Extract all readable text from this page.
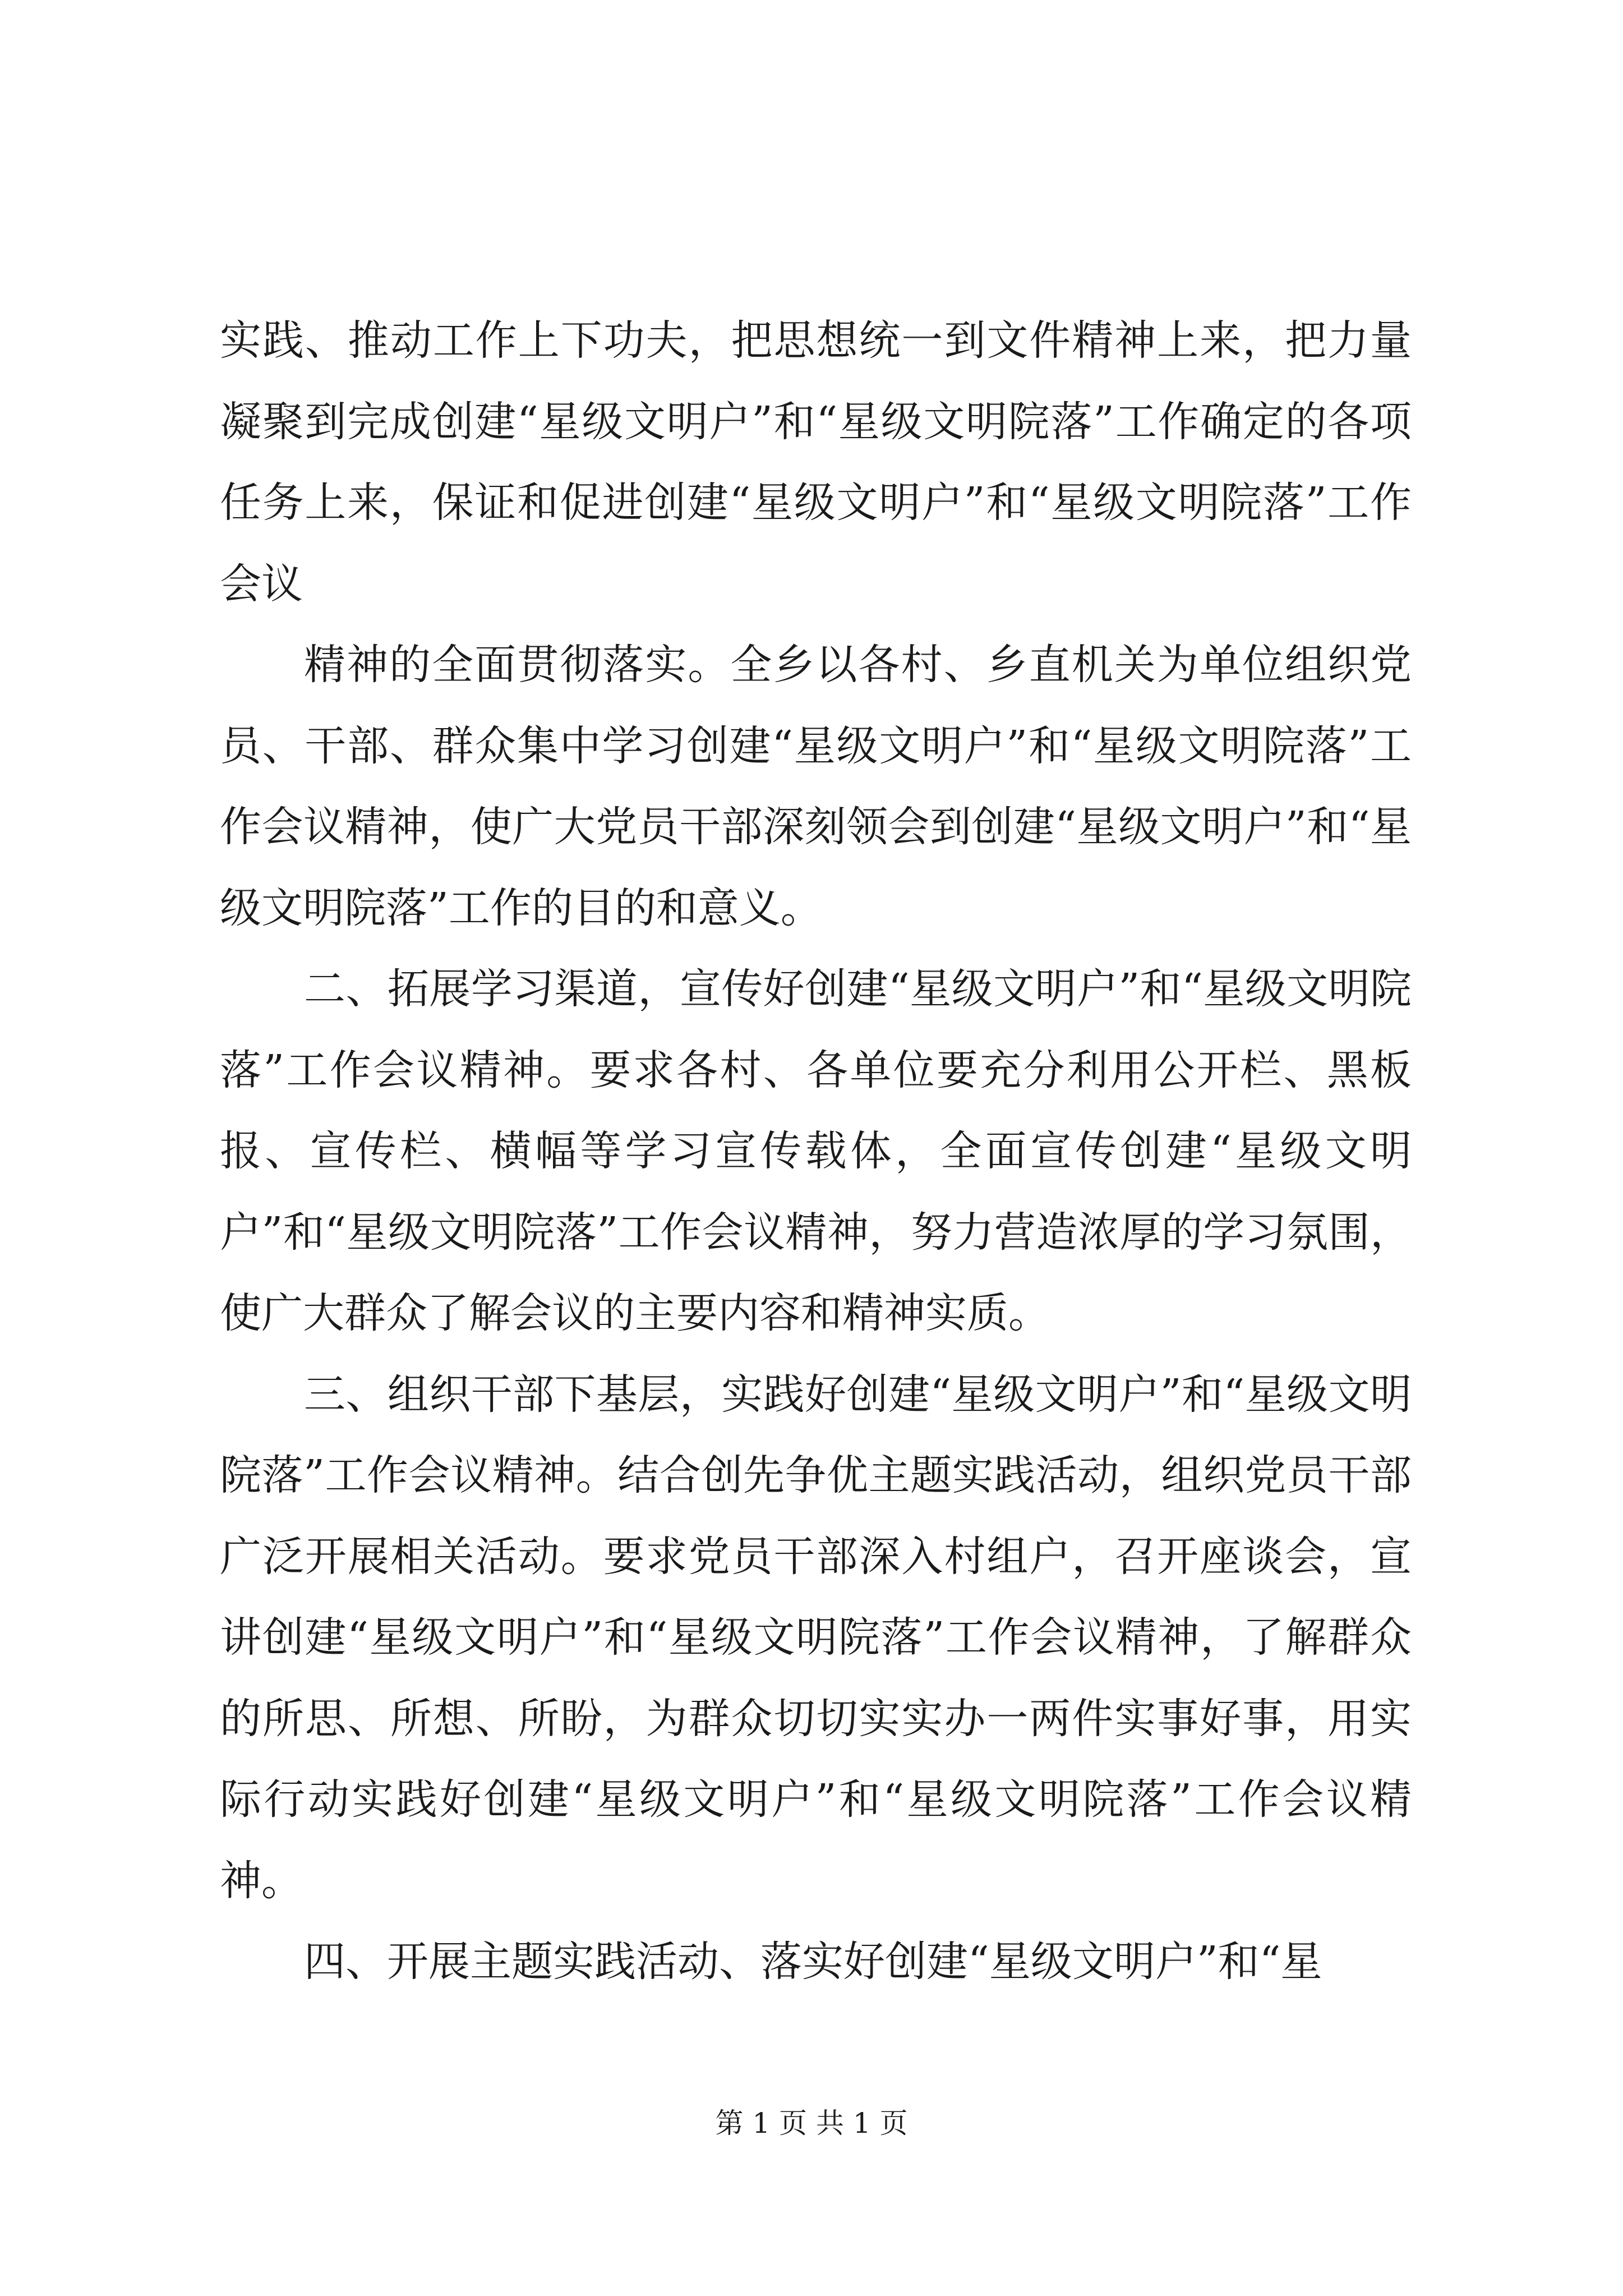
实践、推动工作上下功夫，把思想统一到文件精神上来，把力量凝聚到完成创建“星级文明户”和“星级文明院落”工作确定的各项任务上来，保证和促进创建“星级文明户”和“星级文明院落”工作会议

精神的全面贯彻落实。全乡以各村、乡直机关为单位组织党员、干部、群众集中学习创建“星级文明户”和“星级文明院落”工作会议精神，使广大党员干部深刻领会到创建“星级文明户”和“星级文明院落”工作的目的和意义。

二、拓展学习渠道，宣传好创建“星级文明户”和“星级文明院落”工作会议精神。要求各村、各单位要充分利用公开栏、黑板报、宣传栏、横幅等学习宣传载体，全面宣传创建“星级文明户”和“星级文明院落”工作会议精神，努力营造浓厚的学习氛围，使广大群众了解会议的主要内容和精神实质。

三、组织干部下基层，实践好创建“星级文明户”和“星级文明院落”工作会议精神。结合创先争优主题实践活动，组织党员干部广泛开展相关活动。要求党员干部深入村组户，召开座谈会，宣讲创建“星级文明户”和“星级文明院落”工作会议精神，了解群众的所思、所想、所盼，为群众切切实实办一两件实事好事，用实际行动实践好创建“星级文明户”和“星级文明院落”工作会议精神。

四、开展主题实践活动、落实好创建“星级文明户”和“星

第 1 页 共 1 页
